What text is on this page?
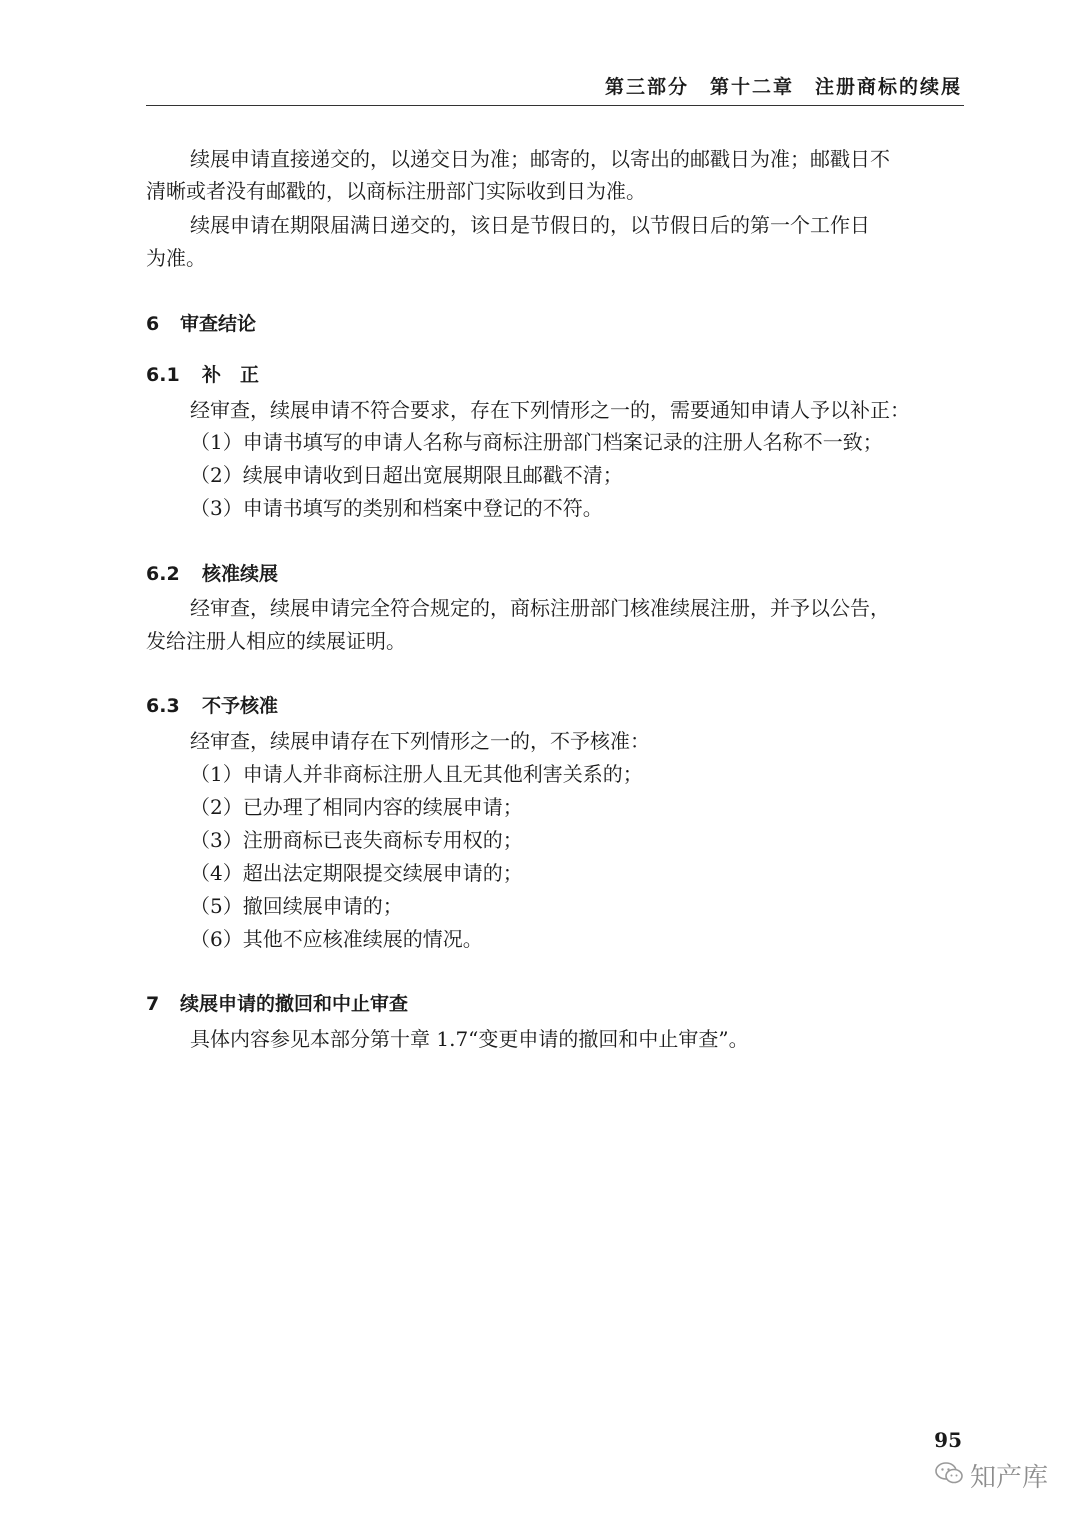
第三部分　第十二章　注册商标的续展
续展申请直接递交的，以递交日为准；邮寄的，以寄出的邮戳日为准；邮戳日不
清晰或者没有邮戳的，以商标注册部门实际收到日为准。
续展申请在期限届满日递交的，该日是节假日的，以节假日后的第一个工作日
为准。
6 审查结论
6.1 补　正
经审查，续展申请不符合要求，存在下列情形之一的，需要通知申请人予以补正：
（1）申请书填写的申请人名称与商标注册部门档案记录的注册人名称不一致；
（2）续展申请收到日超出宽展期限且邮戳不清；
（3）申请书填写的类别和档案中登记的不符。
6.2 核准续展
经审查，续展申请完全符合规定的，商标注册部门核准续展注册，并予以公告，
发给注册人相应的续展证明。
6.3 不予核准
经审查，续展申请存在下列情形之一的，不予核准：
（1）申请人并非商标注册人且无其他利害关系的；
（2）已办理了相同内容的续展申请；
（3）注册商标已丧失商标专用权的；
（4）超出法定期限提交续展申请的；
（5）撤回续展申请的；
（6）其他不应核准续展的情况。
7 续展申请的撤回和中止审查
具体内容参见本部分第十章 1.7“变更申请的撤回和中止审查”。
95
知产库
